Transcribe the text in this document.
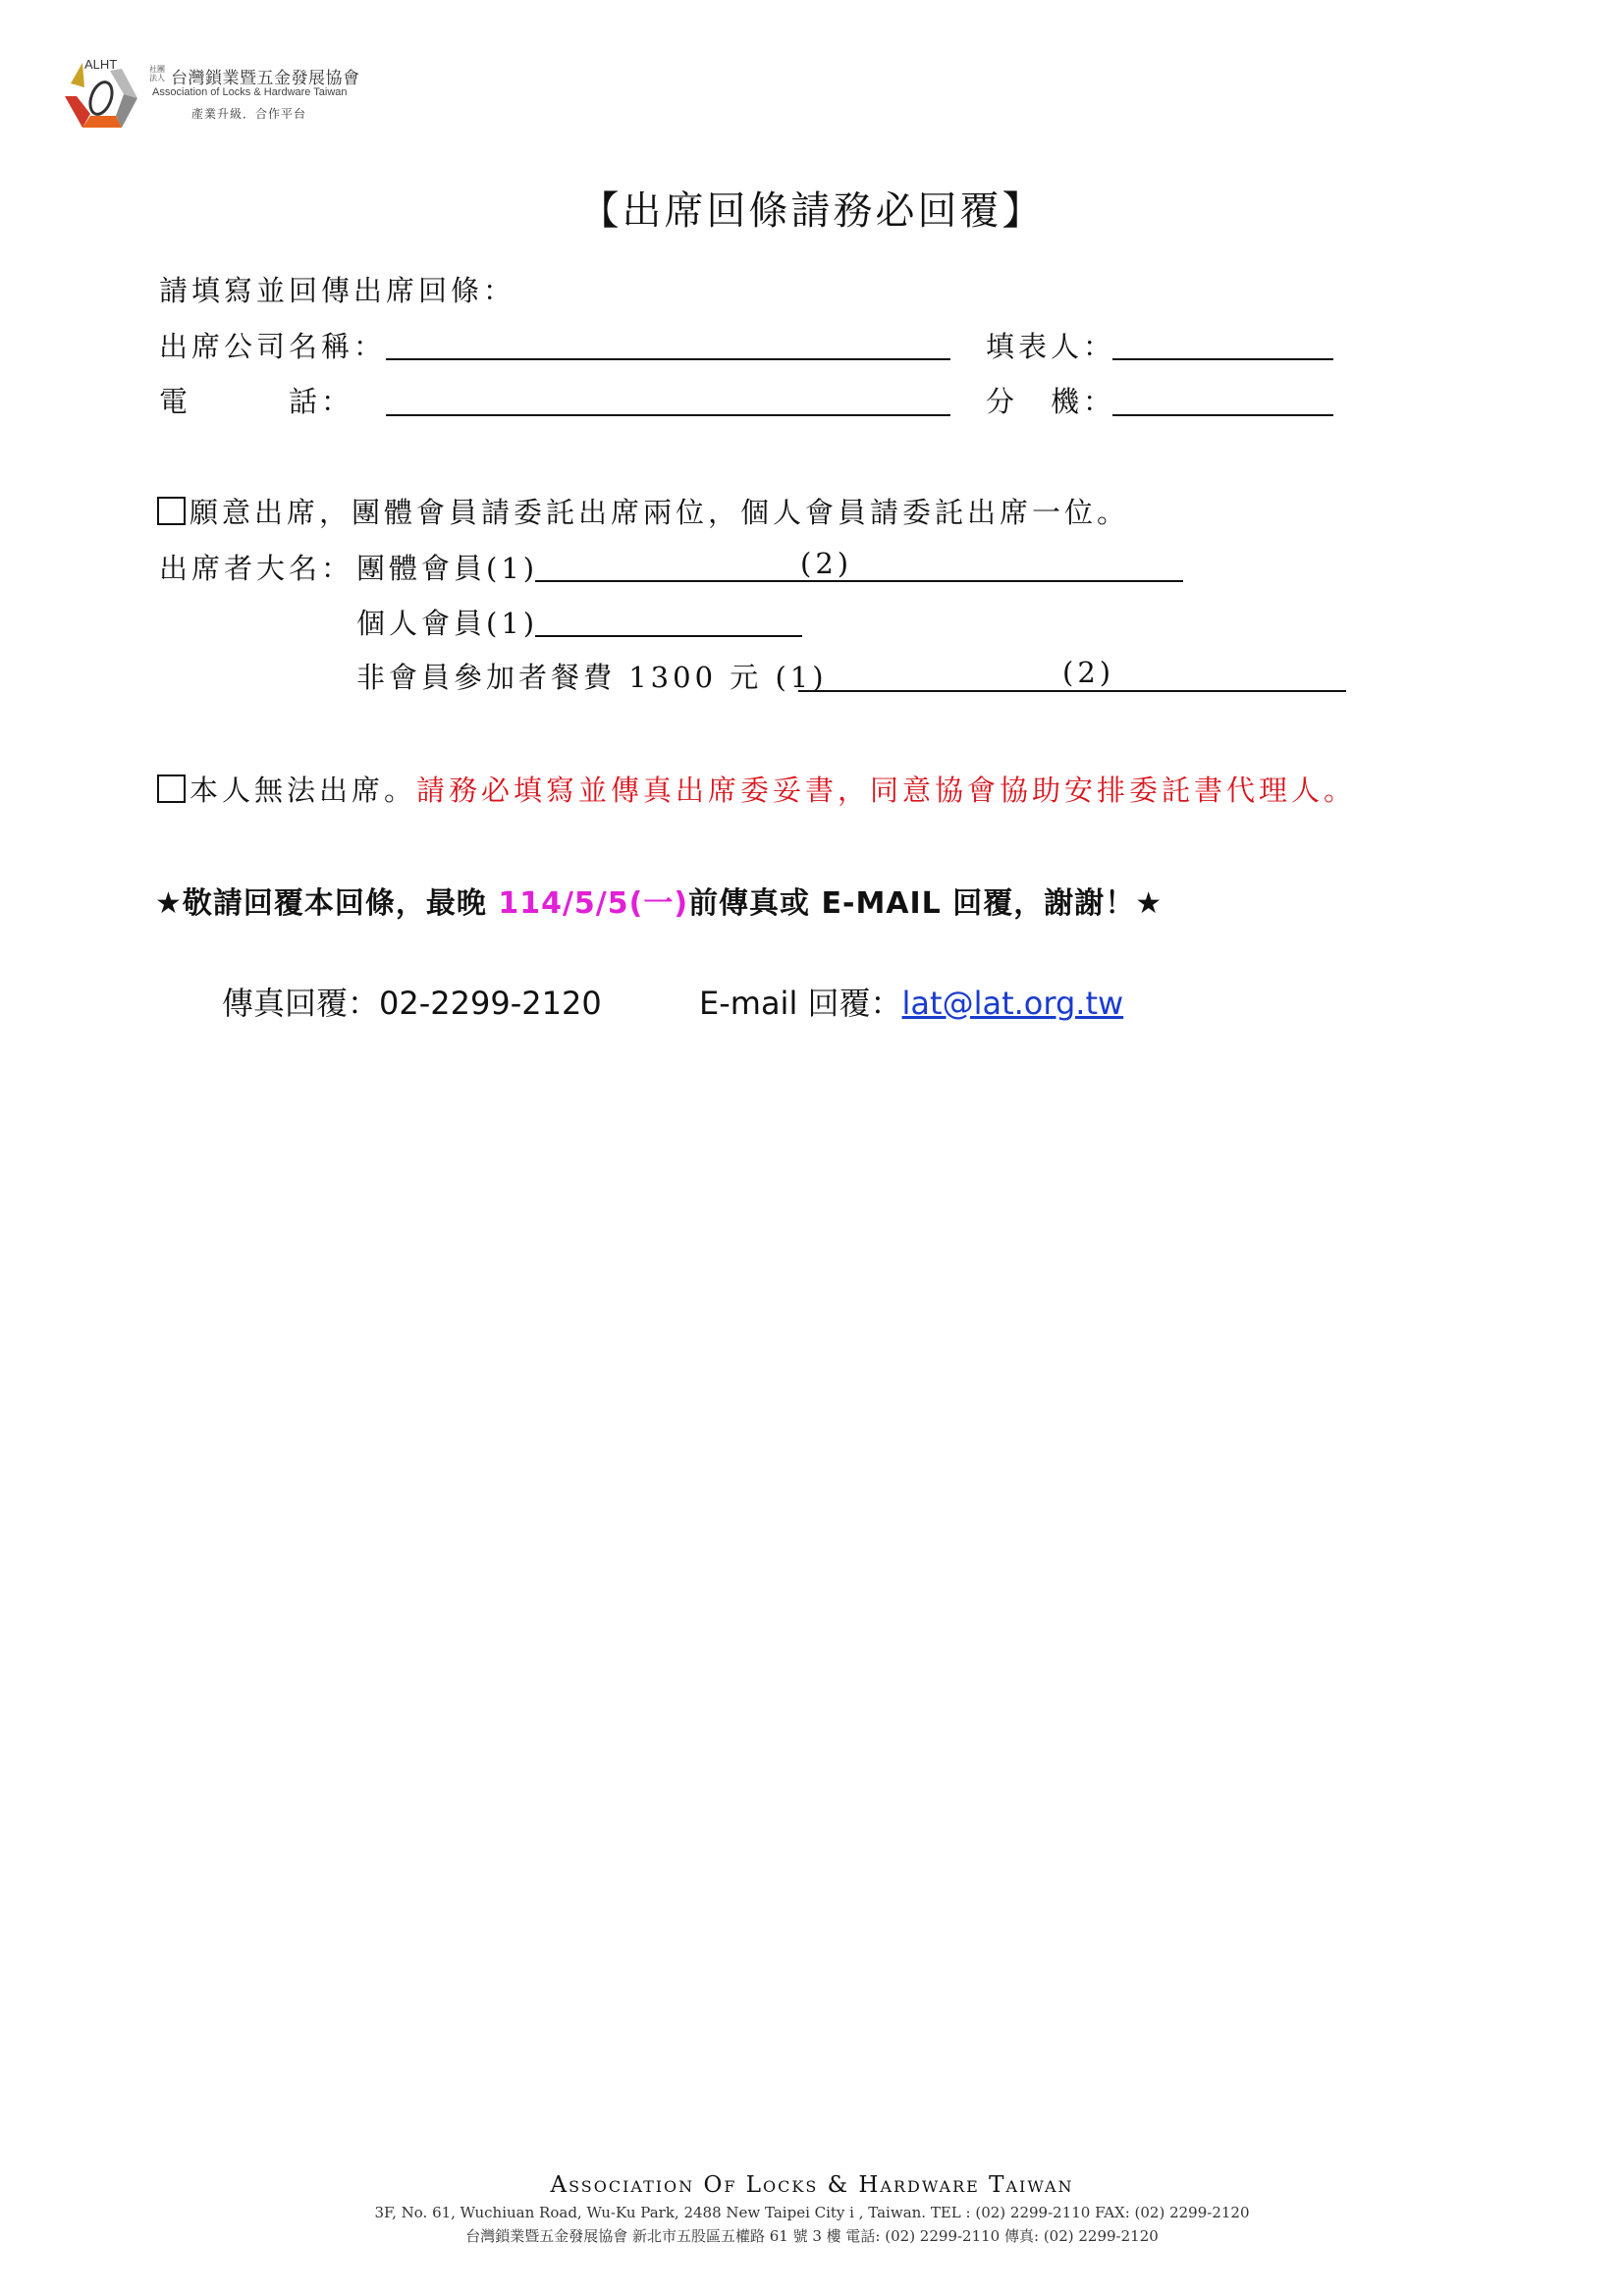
ALHT	社團法人 台灣鎖業暨五金發展協會
Association of Locks & Hardware Taiwan
產業升級．合作平台
【出席回條請務必回覆】
請填寫並回傳出席回條：
出席公司名稱：	填表人：
電　　　話：	分　機：
願意出席，團體會員請委託出席兩位，個人會員請委託出席一位。
出席者大名： 團體會員(1)	(2)
個人會員(1)
非會員參加者餐費 1300 元 (1)	(2)
本人無法出席。請務必填寫並傳真出席委妥書，同意協會協助安排委託書代理人。
★敬請回覆本回條，最晚 114/5/5(一)前傳真或 E-MAIL 回覆，謝謝！★
傳真回覆：02-2299-2120	E-mail 回覆：lat@lat.org.tw
Association Of Locks & Hardware Taiwan
3F, No. 61, Wuchiuan Road, Wu-Ku Park, 2488 New Taipei City i , Taiwan. TEL : (02) 2299-2110 FAX: (02) 2299-2120
台灣鎖業暨五金發展協會 新北市五股區五權路 61 號 3 樓 電話: (02) 2299-2110 傳真: (02) 2299-2120
